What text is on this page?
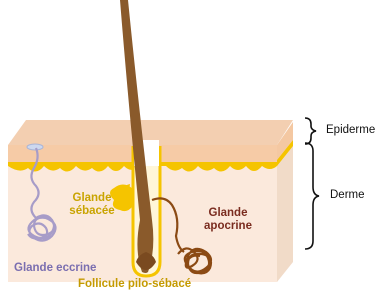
Epiderme
Derme
Glande
sébacée	Glande
apocrine
Glande eccrine
Follicule pilo-sébacé
